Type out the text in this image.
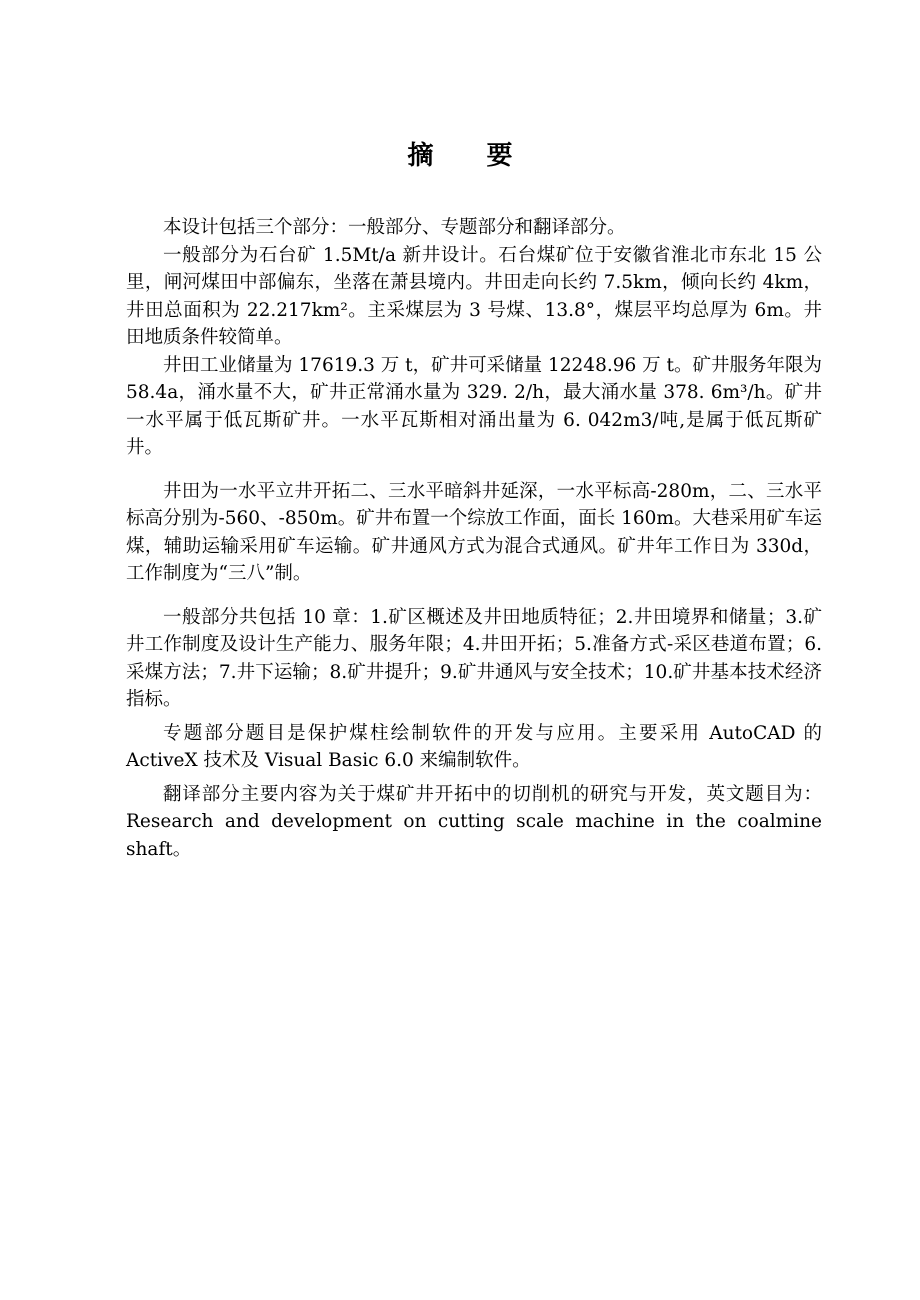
摘 要

本设计包括三个部分：一般部分、专题部分和翻译部分。

一般部分为石台矿 1.5Mt/a 新井设计。石台煤矿位于安徽省淮北市东北 15 公里，闸河煤田中部偏东，坐落在萧县境内。井田走向长约 7.5km，倾向长约 4km，井田总面积为 22.217km²。主采煤层为 3 号煤、13.8°，煤层平均总厚为 6m。井田地质条件较简单。

井田工业储量为 17619.3 万 t，矿井可采储量 12248.96 万 t。矿井服务年限为 58.4a，涌水量不大，矿井正常涌水量为 329. 2/h，最大涌水量 378. 6m³/h。矿井一水平属于低瓦斯矿井。一水平瓦斯相对涌出量为 6. 042m3/吨,是属于低瓦斯矿井。

井田为一水平立井开拓二、三水平暗斜井延深，一水平标高-280m，二、三水平标高分别为-560、-850m。矿井布置一个综放工作面，面长 160m。大巷采用矿车运煤，辅助运输采用矿车运输。矿井通风方式为混合式通风。矿井年工作日为 330d，工作制度为“三八”制。

一般部分共包括 10 章：1.矿区概述及井田地质特征；2.井田境界和储量；3.矿井工作制度及设计生产能力、服务年限；4.井田开拓；5.准备方式-采区巷道布置；6.采煤方法；7.井下运输；8.矿井提升；9.矿井通风与安全技术；10.矿井基本技术经济指标。

专题部分题目是保护煤柱绘制软件的开发与应用。主要采用 AutoCAD 的 ActiveX 技术及 Visual Basic 6.0 来编制软件。

翻译部分主要内容为关于煤矿井开拓中的切削机的研究与开发，英文题目为：Research and development on cutting scale machine in the coalmine shaft。
